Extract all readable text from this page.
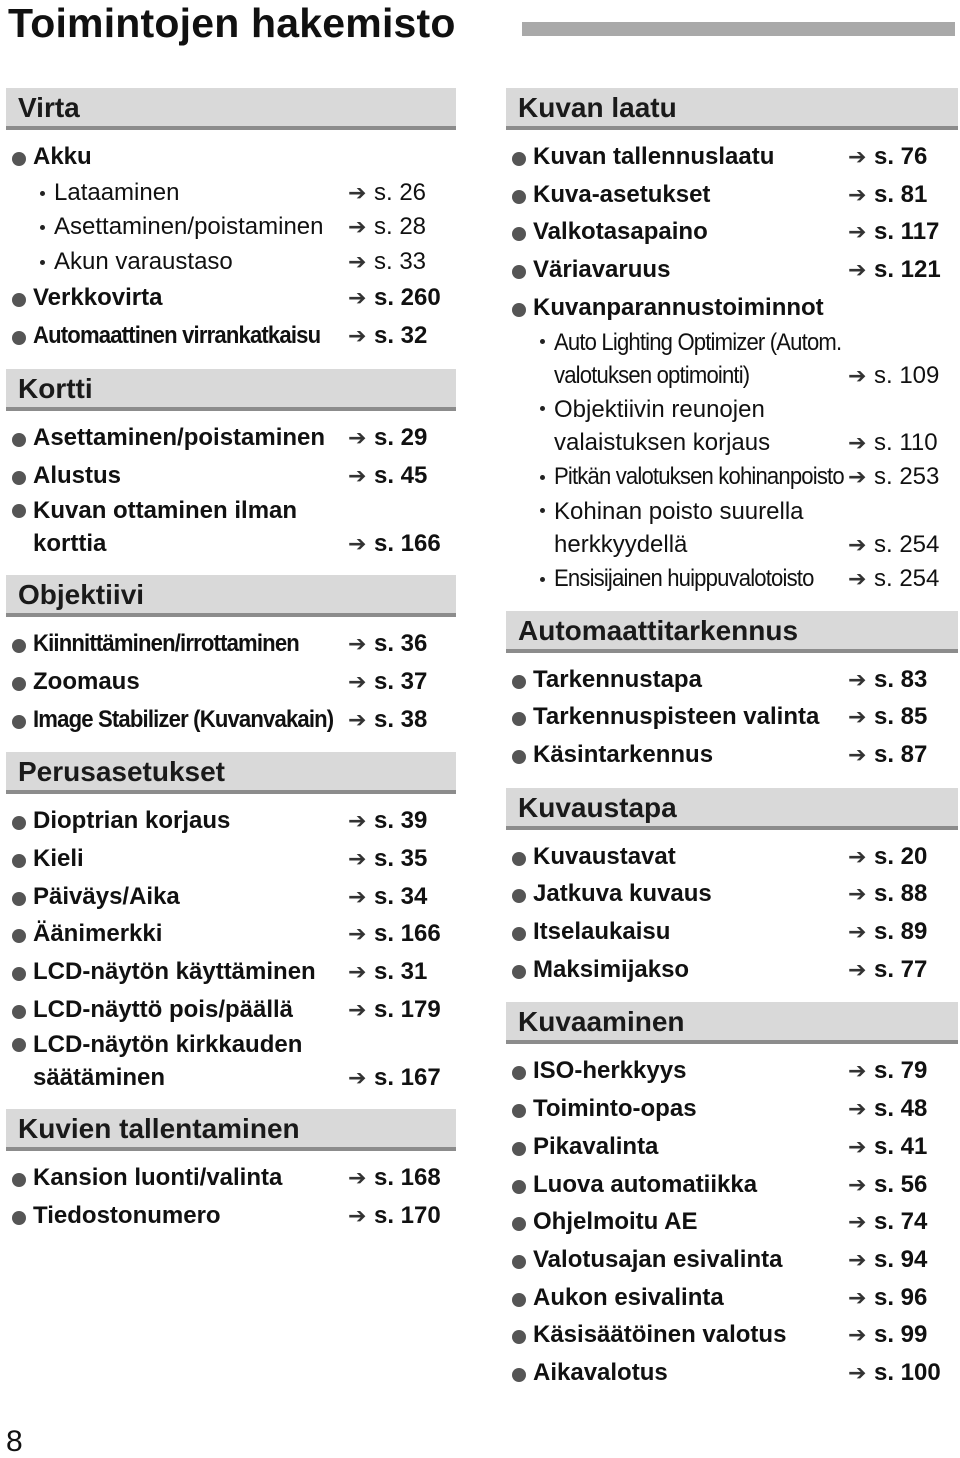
Toimintojen hakemisto
Virta
Akku
Lataaminen	➔ s. 26
Asettaminen/poistaminen ➔ s. 28
Akun varaustaso	➔ s. 33
Verkkovirta	➔ s. 260
Automaattinen virrankatkaisu ➔ s. 32
Kortti
Asettaminen/poistaminen ➔ s. 29
Alustus	➔ s. 45
Kuvan ottaminen ilman korttia	➔ s. 166
Objektiivi
Kiinnittäminen/irrottaminen ➔ s. 36
Zoomaus	➔ s. 37
Image Stabilizer (Kuvanvakain) ➔ s. 38
Perusasetukset
Dioptrian korjaus	➔ s. 39
Kieli	➔ s. 35
Päiväys/Aika	➔ s. 34
Äänimerkki	➔ s. 166
LCD-näytön käyttäminen ➔ s. 31
LCD-näyttö pois/päällä ➔ s. 179
LCD-näytön kirkkauden säätäminen	➔ s. 167
Kuvien tallentaminen
Kansion luonti/valinta	➔ s. 168
Tiedostonumero	➔ s. 170
Kuvan laatu
Kuvan tallennuslaatu	➔ s. 76
Kuva-asetukset	➔ s. 81
Valkotasapaino	➔ s. 117
Väriavaruus	➔ s. 121
Kuvanparannustoiminnot
Auto Lighting Optimizer (Autom. valotuksen optimointi)	➔ s. 109
Objektiivin reunojen valaistuksen korjaus	➔ s. 110
Pitkän valotuksen kohinanpoisto ➔ s. 253
Kohinan poisto suurella herkkyydellä	➔ s. 254
Ensisijainen huippuvalotoisto ➔ s. 254
Automaattitarkennus
Tarkennustapa	➔ s. 83
Tarkennuspisteen valinta ➔ s. 85
Käsintarkennus	➔ s. 87
Kuvaustapa
Kuvaustavat	➔ s. 20
Jatkuva kuvaus	➔ s. 88
Itselaukaisu	➔ s. 89
Maksimijakso	➔ s. 77
Kuvaaminen
ISO-herkkyys	➔ s. 79
Toiminto-opas	➔ s. 48
Pikavalinta	➔ s. 41
Luova automatiikka	➔ s. 56
Ohjelmoitu AE	➔ s. 74
Valotusajan esivalinta	➔ s. 94
Aukon esivalinta	➔ s. 96
Käsisäätöinen valotus	➔ s. 99
Aikavalotus	➔ s. 100
8
